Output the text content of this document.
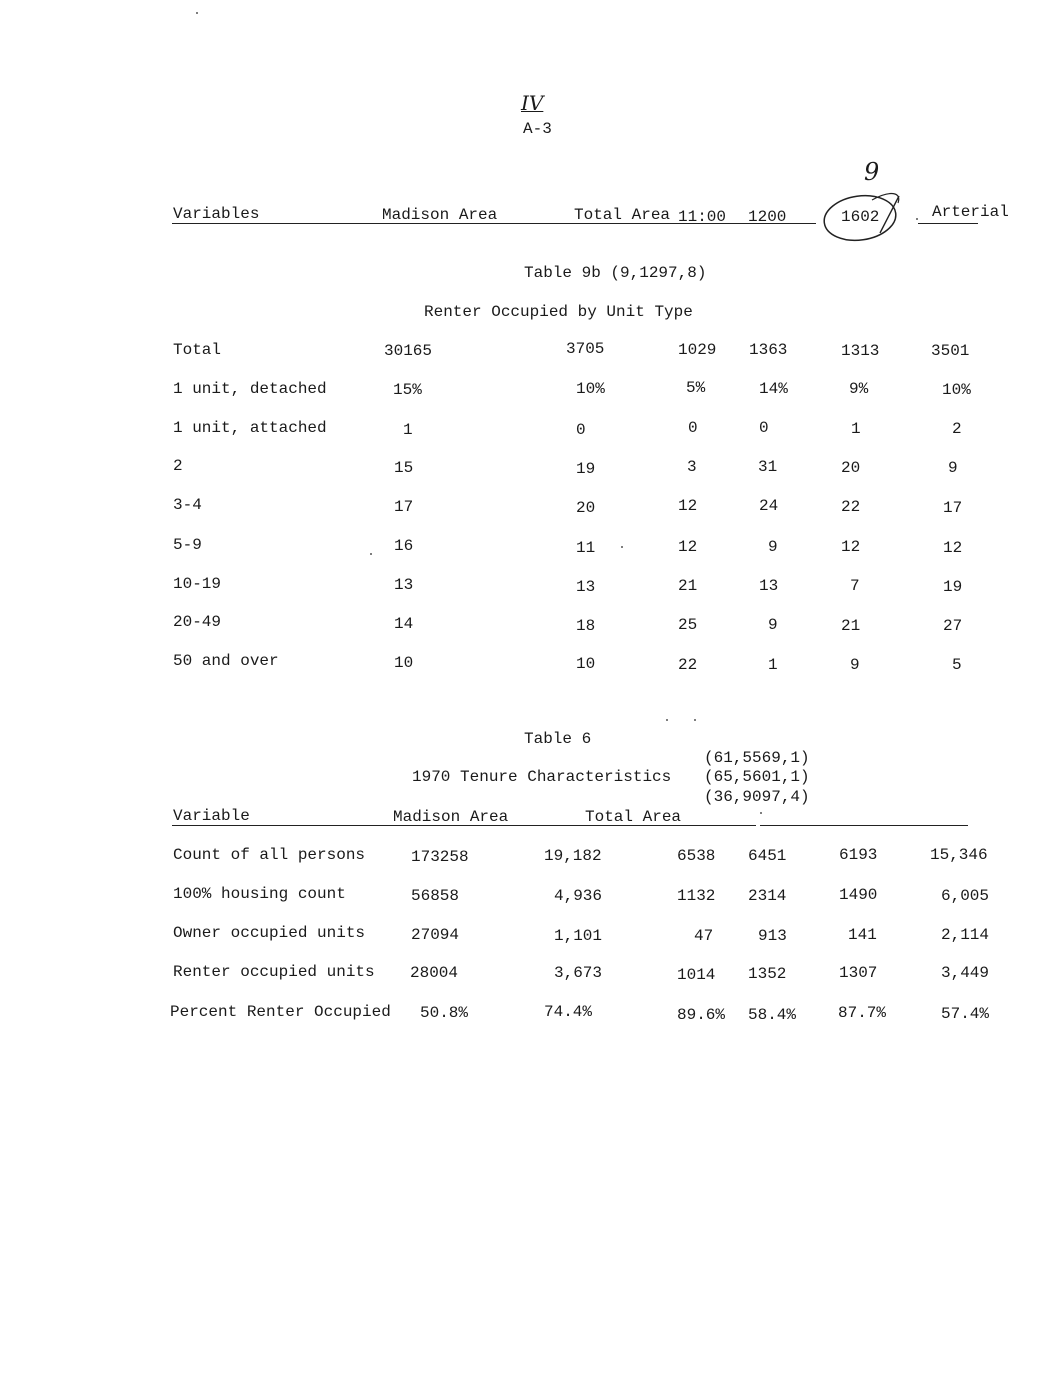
IV
A-3
9
Variables	Madison Area	Total Area 11:00 1200	1602	Arterial
Table 9b (9,1297,8)
Renter Occupied by Unit Type
Total	30165	3705	1029 1363	1313	3501
1 unit, detached	15%	10%	5%	14%	9%	10%
1 unit, attached	1	0	0	0	1	2
2	15	19	3	31	20	9
3-4	17	20	12	24	22	17
5-9	16	11	12	9	12	12
10-19	13	13	21	13	7	19
20-49	14	18	25	9	21	27
50 and over	10	10	22	1	9	5
Table 6
(61,5569,1)
1970 Tenure Characteristics (65,5601,1)
(36,9097,4)
Variable	Madison Area	Total Area
Count of all persons	173258	19,182	6538 6451	6193	15,346
100% housing count	56858	4,936	1132 2314	1490	6,005
Owner occupied units	27094	1,101	47	913	141	2,114
Renter occupied units 28004	3,673	1014 1352	1307	3,449
Percent Renter Occupied 50.8%	74.4%	89.6% 58.4%	87.7%	57.4%
